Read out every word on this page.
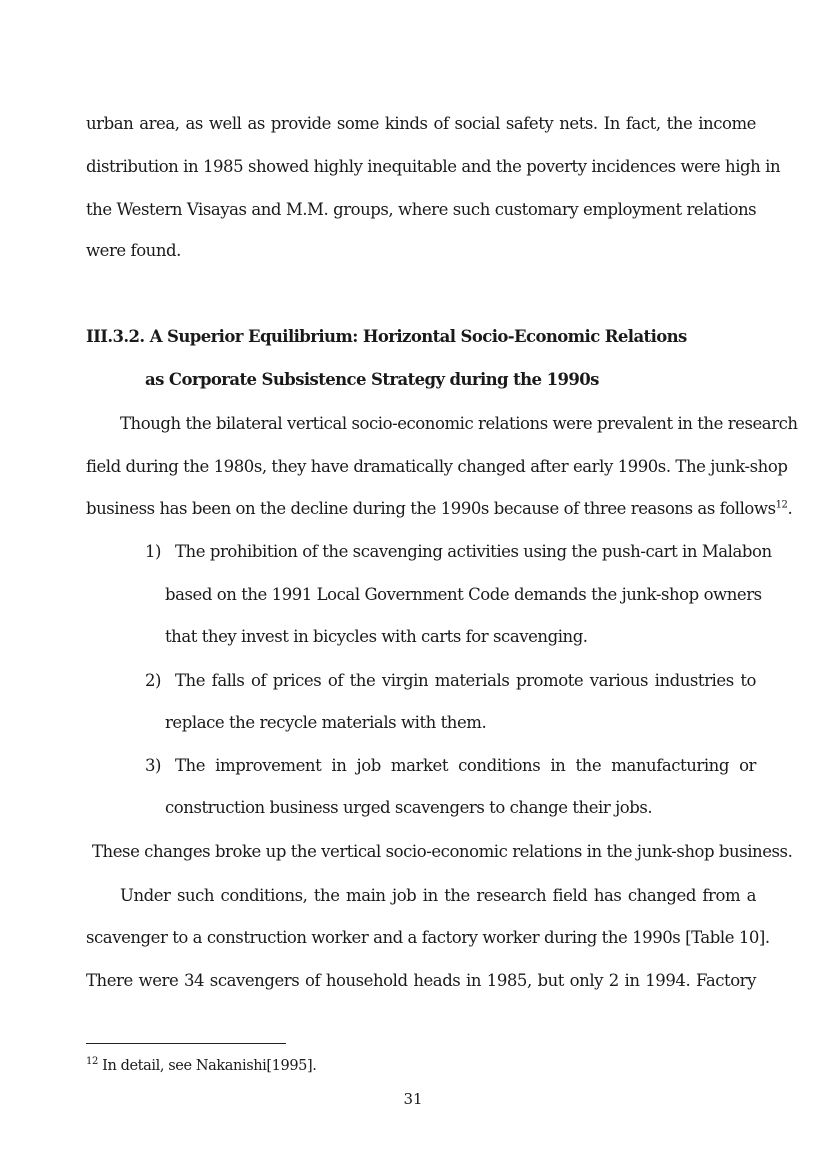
urban area, as well as provide some kinds of social safety nets. In fact, the income
distribution in 1985 showed highly inequitable and the poverty incidences were high in
the Western Visayas and M.M. groups, where such customary employment relations
were found.
III.3.2. A Superior Equilibrium: Horizontal Socio-Economic Relations
as Corporate Subsistence Strategy during the 1990s
Though the bilateral vertical socio-economic relations were prevalent in the research
field during the 1980s, they have dramatically changed after early 1990s. The junk-shop
business has been on the decline during the 1990s because of three reasons as follows$^{12}$.
1) The prohibition of the scavenging activities using the push-cart in Malabon
based on the 1991 Local Government Code demands the junk-shop owners
that they invest in bicycles with carts for scavenging.
2) The falls of prices of the virgin materials promote various industries to
replace the recycle materials with them.
3) The improvement in job market conditions in the manufacturing or
construction business urged scavengers to change their jobs.
These changes broke up the vertical socio-economic relations in the junk-shop business.
Under such conditions, the main job in the research field has changed from a
scavenger to a construction worker and a factory worker during the 1990s [Table 10].
There were 34 scavengers of household heads in 1985, but only 2 in 1994. Factory
$^{12}$ In detail, see Nakanishi[1995].
31
